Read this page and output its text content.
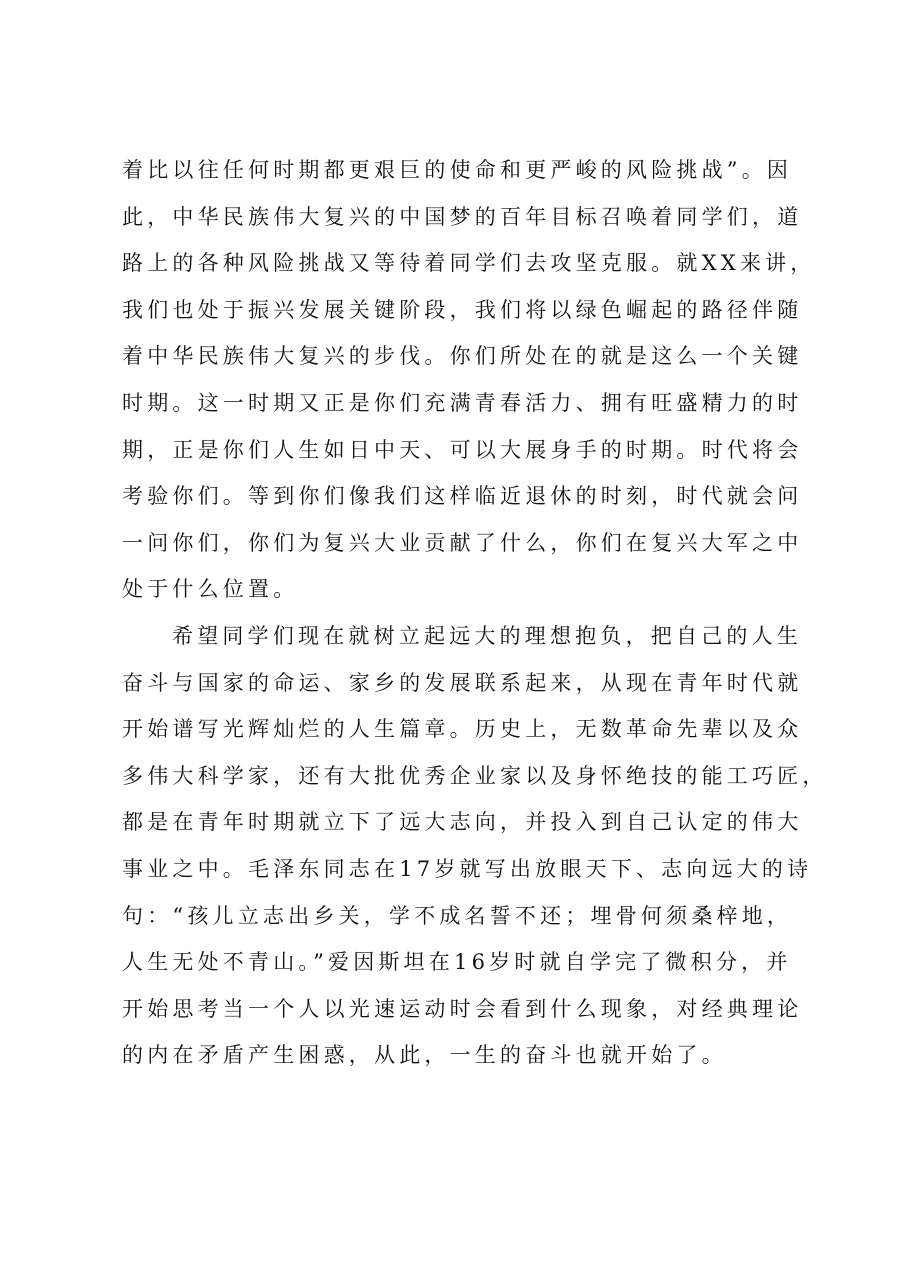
着比以往任何时期都更艰巨的使命和更严峻的风险挑战”。因
此，中华民族伟大复兴的中国梦的百年目标召唤着同学们，道
路上的各种风险挑战又等待着同学们去攻坚克服。就XX来讲，
我们也处于振兴发展关键阶段，我们将以绿色崛起的路径伴随
着中华民族伟大复兴的步伐。你们所处在的就是这么一个关键
时期。这一时期又正是你们充满青春活力、拥有旺盛精力的时
期，正是你们人生如日中天、可以大展身手的时期。时代将会
考验你们。等到你们像我们这样临近退休的时刻，时代就会问
一问你们，你们为复兴大业贡献了什么，你们在复兴大军之中
处于什么位置。
希望同学们现在就树立起远大的理想抱负，把自己的人生
奋斗与国家的命运、家乡的发展联系起来，从现在青年时代就
开始谱写光辉灿烂的人生篇章。历史上，无数革命先辈以及众
多伟大科学家，还有大批优秀企业家以及身怀绝技的能工巧匠，
都是在青年时期就立下了远大志向，并投入到自己认定的伟大
事业之中。毛泽东同志在17岁就写出放眼天下、志向远大的诗
句：“孩儿立志出乡关，学不成名誓不还；埋骨何须桑梓地，
人生无处不青山。”爱因斯坦在16岁时就自学完了微积分，并
开始思考当一个人以光速运动时会看到什么现象，对经典理论
的内在矛盾产生困惑，从此，一生的奋斗也就开始了。
